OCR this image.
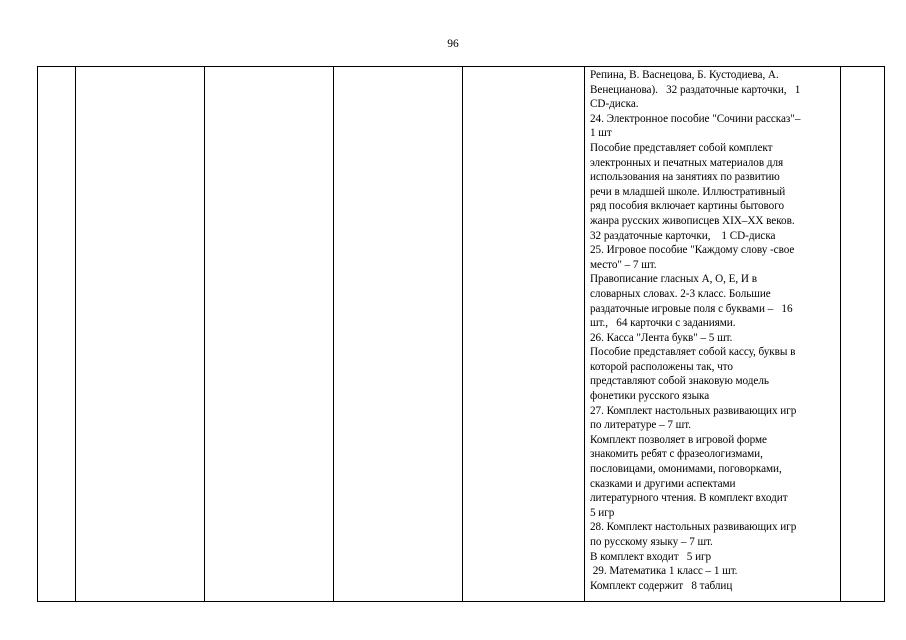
96

Репина, В. Васнецова, Б. Кустодиева, А.
Венецианова).   32 раздаточные карточки,   1
CD-диска.
24. Электронное пособие "Сочини рассказ"–
1 шт
Пособие представляет собой комплект
электронных и печатных материалов для
использования на занятиях по развитию
речи в младшей школе. Иллюстративный
ряд пособия включает картины бытового
жанра русских живописцев XIX–XX веков.
32 раздаточные карточки,    1 CD-диска
25. Игровое пособие "Каждому слову -свое
место" – 7 шт.
Правописание гласных А, О, Е, И в
словарных словах. 2-3 класс. Большие
раздаточные игровые поля с буквами –   16
шт.,   64 карточки с заданиями.
26. Касса "Лента букв" – 5 шт.
Пособие представляет собой кассу, буквы в
которой расположены так, что
представляют собой знаковую модель
фонетики русского языка
27. Комплект настольных развивающих игр
по литературе – 7 шт.
Комплект позволяет в игровой форме
знакомить ребят с фразеологизмами,
пословицами, омонимами, поговорками,
сказками и другими аспектами
литературного чтения. В комплект входит
5 игр
28. Комплект настольных развивающих игр
по русскому языку – 7 шт.
В комплект входит   5 игр
29. Математика 1 класс – 1 шт.
Комплект содержит   8 таблиц
